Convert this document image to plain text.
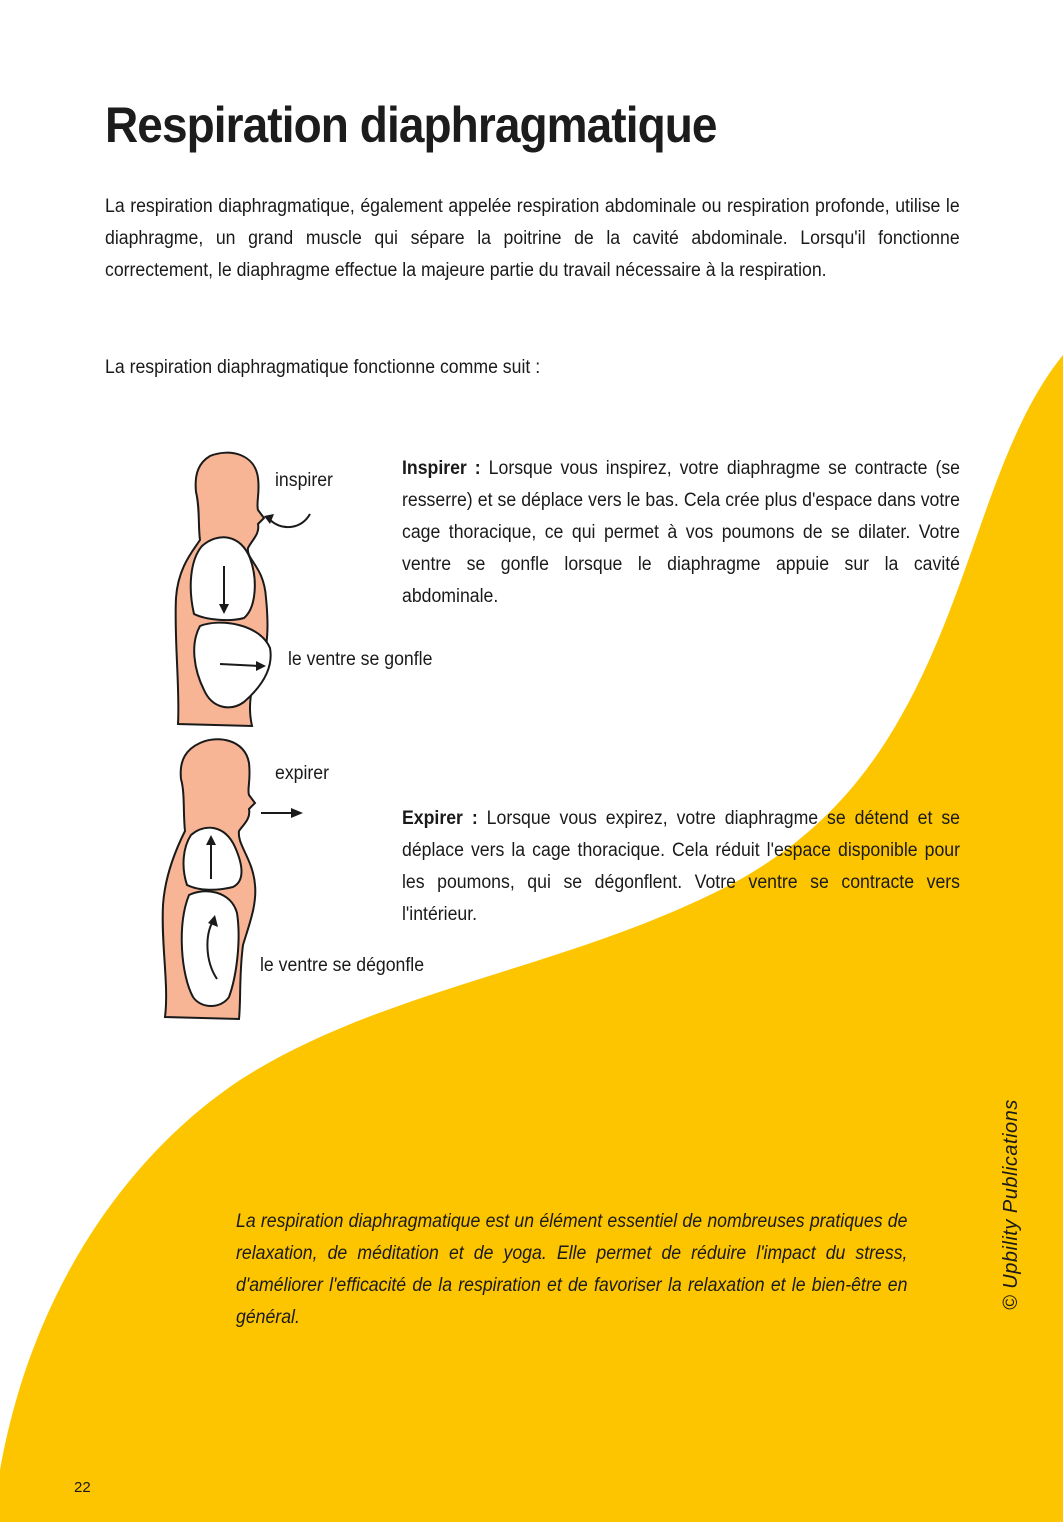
Respiration diaphragmatique

La respiration diaphragmatique, également appelée respiration abdominale ou respiration profonde, utilise le diaphragme, un grand muscle qui sépare la poitrine de la cavité abdominale. Lorsqu'il fonctionne correctement, le diaphragme effectue la majeure partie du travail nécessaire à la respiration.

La respiration diaphragmatique fonctionne comme suit :

inspirer
le ventre se gonfle

Inspirer : Lorsque vous inspirez, votre diaphragme se contracte (se resserre) et se déplace vers le bas. Cela crée plus d'espace dans votre cage thoracique, ce qui permet à vos poumons de se dilater. Votre ventre se gonfle lorsque le diaphragme appuie sur la cavité abdominale.

expirer
le ventre se dégonfle

Expirer : Lorsque vous expirez, votre diaphragme se détend et se déplace vers la cage thoracique. Cela réduit l'espace disponible pour les poumons, qui se dégonflent. Votre ventre se contracte vers l'intérieur.

La respiration diaphragmatique est un élément essentiel de nombreuses pratiques de relaxation, de méditation et de yoga. Elle permet de réduire l'impact du stress, d'améliorer l'efficacité de la respiration et de favoriser la relaxation et le bien-être en général.

© Upbility Publications
22
